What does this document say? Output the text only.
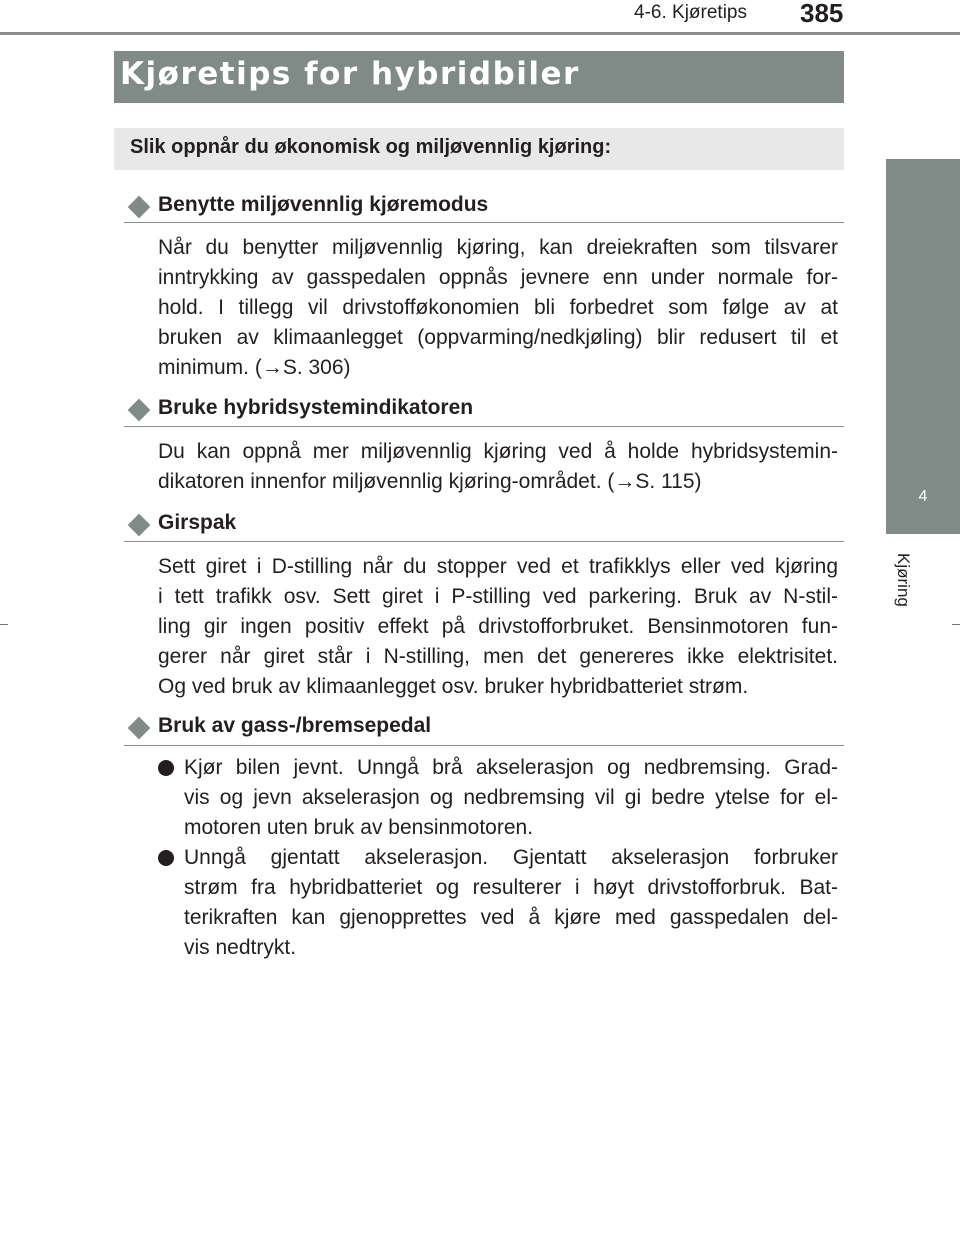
4-6. Kjøretips 385
4
Kjøring
Kjøretips for hybridbiler
Slik oppnår du økonomisk og miljøvennlig kjøring:
Benytte miljøvennlig kjøremodus
Når du benytter miljøvennlig kjøring, kan dreiekraften som tilsvarer
inntrykking av gasspedalen oppnås jevnere enn under normale for-
hold. I tillegg vil drivstofføkonomien bli forbedret som følge av at
bruken av klimaanlegget (oppvarming/nedkjøling) blir redusert til et
minimum. (→S. 306)
Bruke hybridsystemindikatoren
Du kan oppnå mer miljøvennlig kjøring ved å holde hybridsystemin-
dikatoren innenfor miljøvennlig kjøring-området. (→S. 115)
Girspak
Sett giret i D-stilling når du stopper ved et trafikklys eller ved kjøring
i tett trafikk osv. Sett giret i P-stilling ved parkering. Bruk av N-stil-
ling gir ingen positiv effekt på drivstofforbruket. Bensinmotoren fun-
gerer når giret står i N-stilling, men det genereres ikke elektrisitet.
Og ved bruk av klimaanlegget osv. bruker hybridbatteriet strøm.
Bruk av gass-/bremsepedal
Kjør bilen jevnt. Unngå brå akselerasjon og nedbremsing. Grad-
vis og jevn akselerasjon og nedbremsing vil gi bedre ytelse for el-
motoren uten bruk av bensinmotoren.
Unngå gjentatt akselerasjon. Gjentatt akselerasjon forbruker
strøm fra hybridbatteriet og resulterer i høyt drivstofforbruk. Bat-
terikraften kan gjenopprettes ved å kjøre med gasspedalen del-
vis nedtrykt.
